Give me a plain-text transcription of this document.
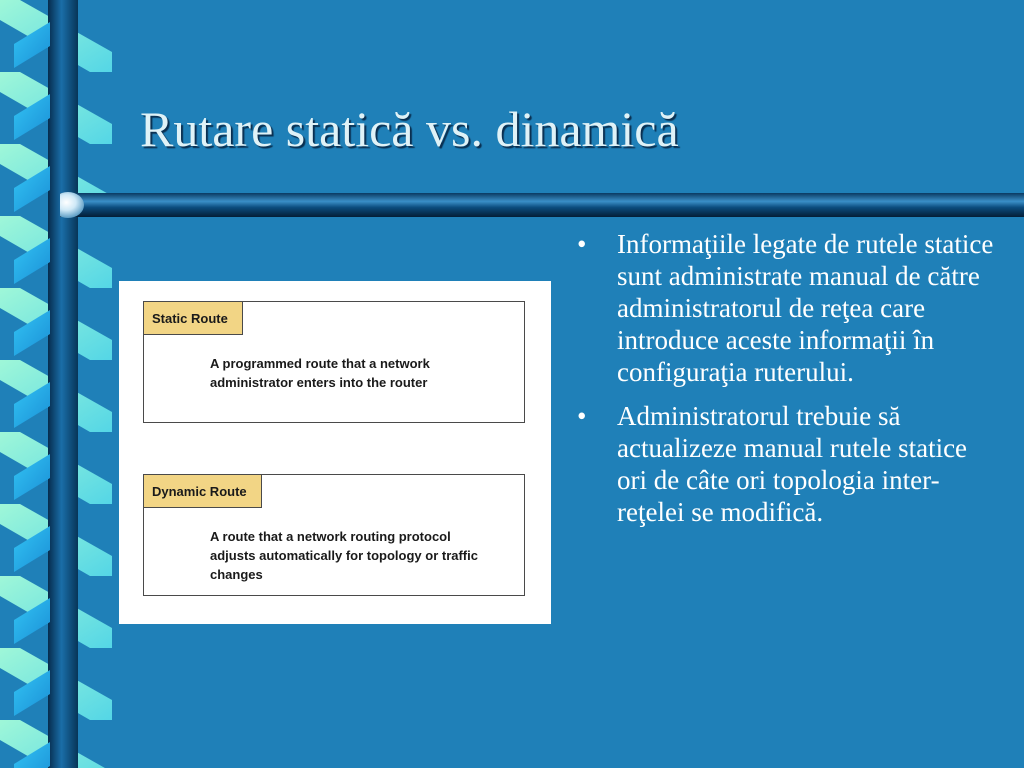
Rutare statică vs. dinamică
Static Route
A programmed route that a network administrator enters into the router
Dynamic Route
A route that a network routing protocol adjusts automatically for topology or traffic changes
• Informaţiile legate de rutele statice sunt administrate manual de către administratorul de reţea care introduce aceste informaţii în configuraţia ruterului.
• Administratorul trebuie să actualizeze manual rutele statice ori de câte ori topologia inter-reţelei se modifică.
